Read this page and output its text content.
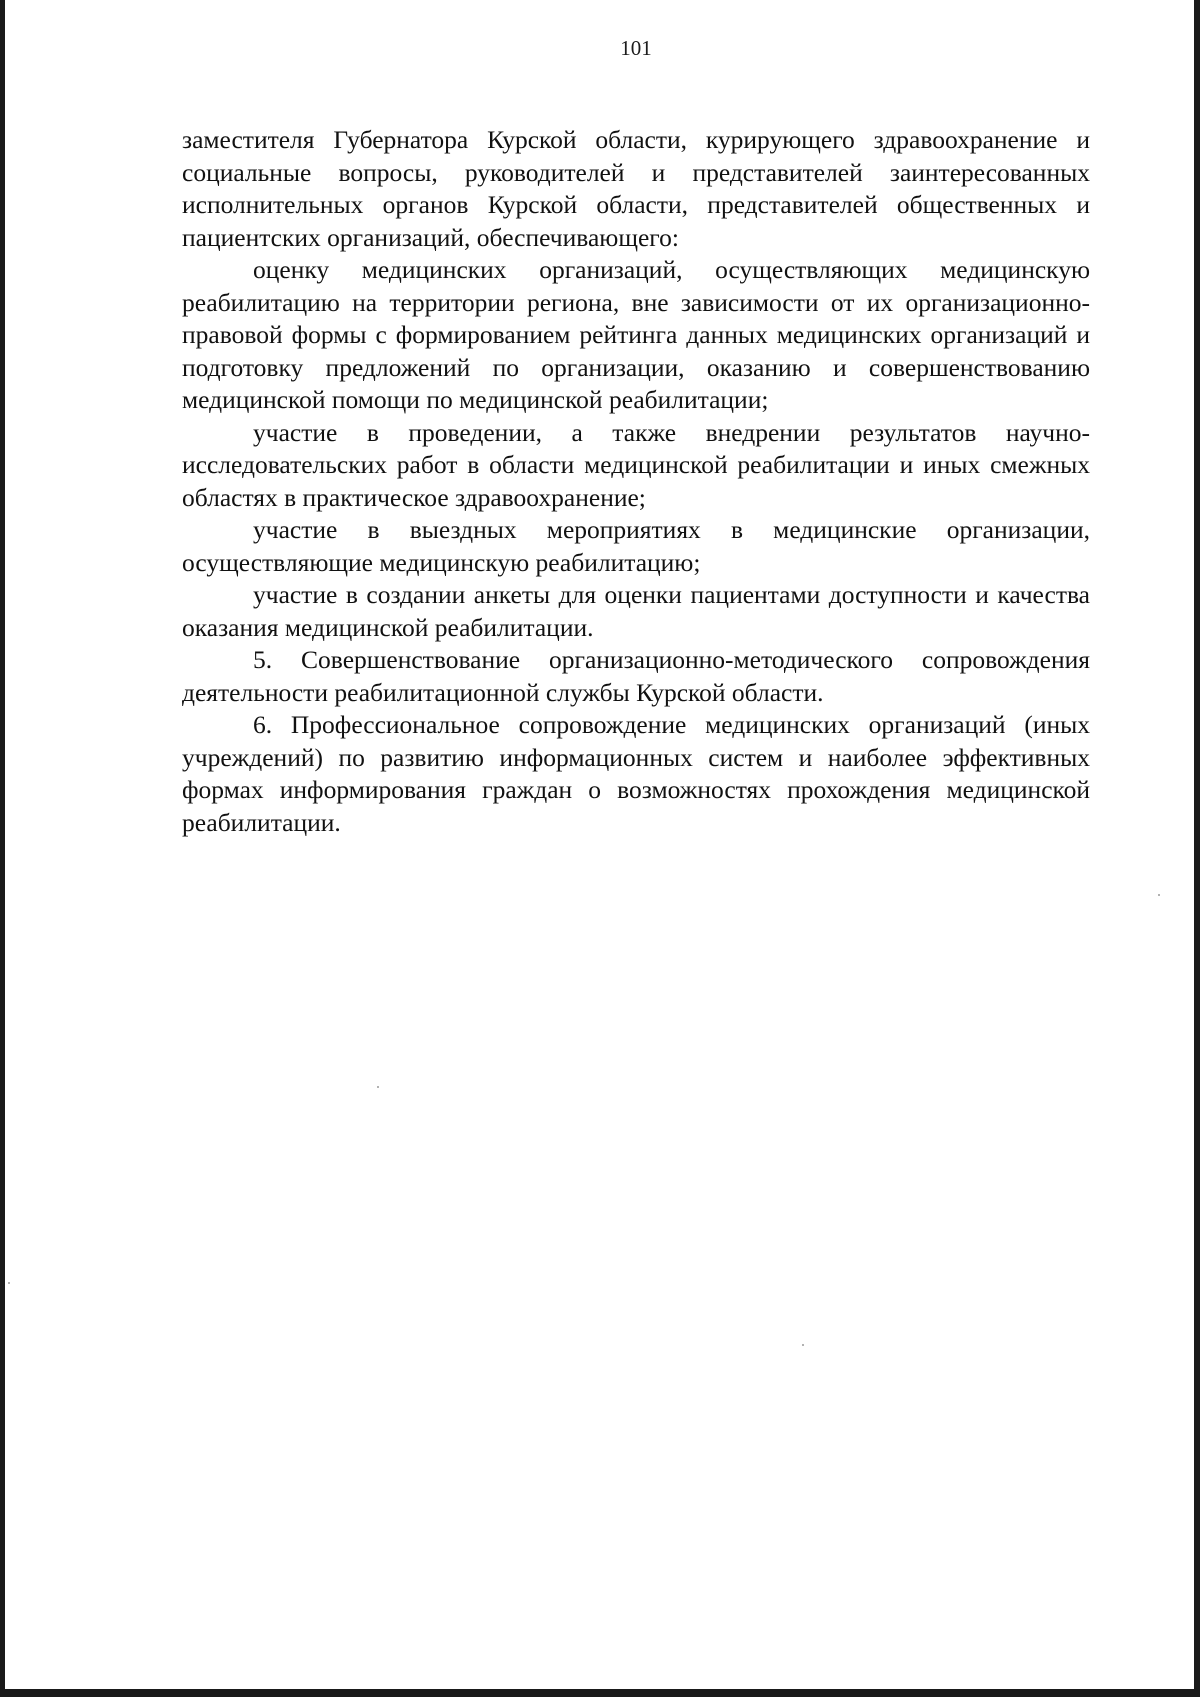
101

заместителя Губернатора Курской области, курирующего здравоохранение и социальные вопросы, руководителей и представителей заинтересованных исполнительных органов Курской области, представителей общественных и пациентских организаций, обеспечивающего:

оценку медицинских организаций, осуществляющих медицинскую реабилитацию на территории региона, вне зависимости от их организационно-правовой формы с формированием рейтинга данных медицинских организаций и подготовку предложений по организации, оказанию и совершенствованию медицинской помощи по медицинской реабилитации;

участие в проведении, а также внедрении результатов научно-исследовательских работ в области медицинской реабилитации и иных смежных областях в практическое здравоохранение;

участие в выездных мероприятиях в медицинские организации, осуществляющие медицинскую реабилитацию;

участие в создании анкеты для оценки пациентами доступности и качества оказания медицинской реабилитации.

5. Совершенствование организационно-методического сопровождения деятельности реабилитационной службы Курской области.

6. Профессиональное сопровождение медицинских организаций (иных учреждений) по развитию информационных систем и наиболее эффективных формах информирования граждан о возможностях прохождения медицинской реабилитации.
